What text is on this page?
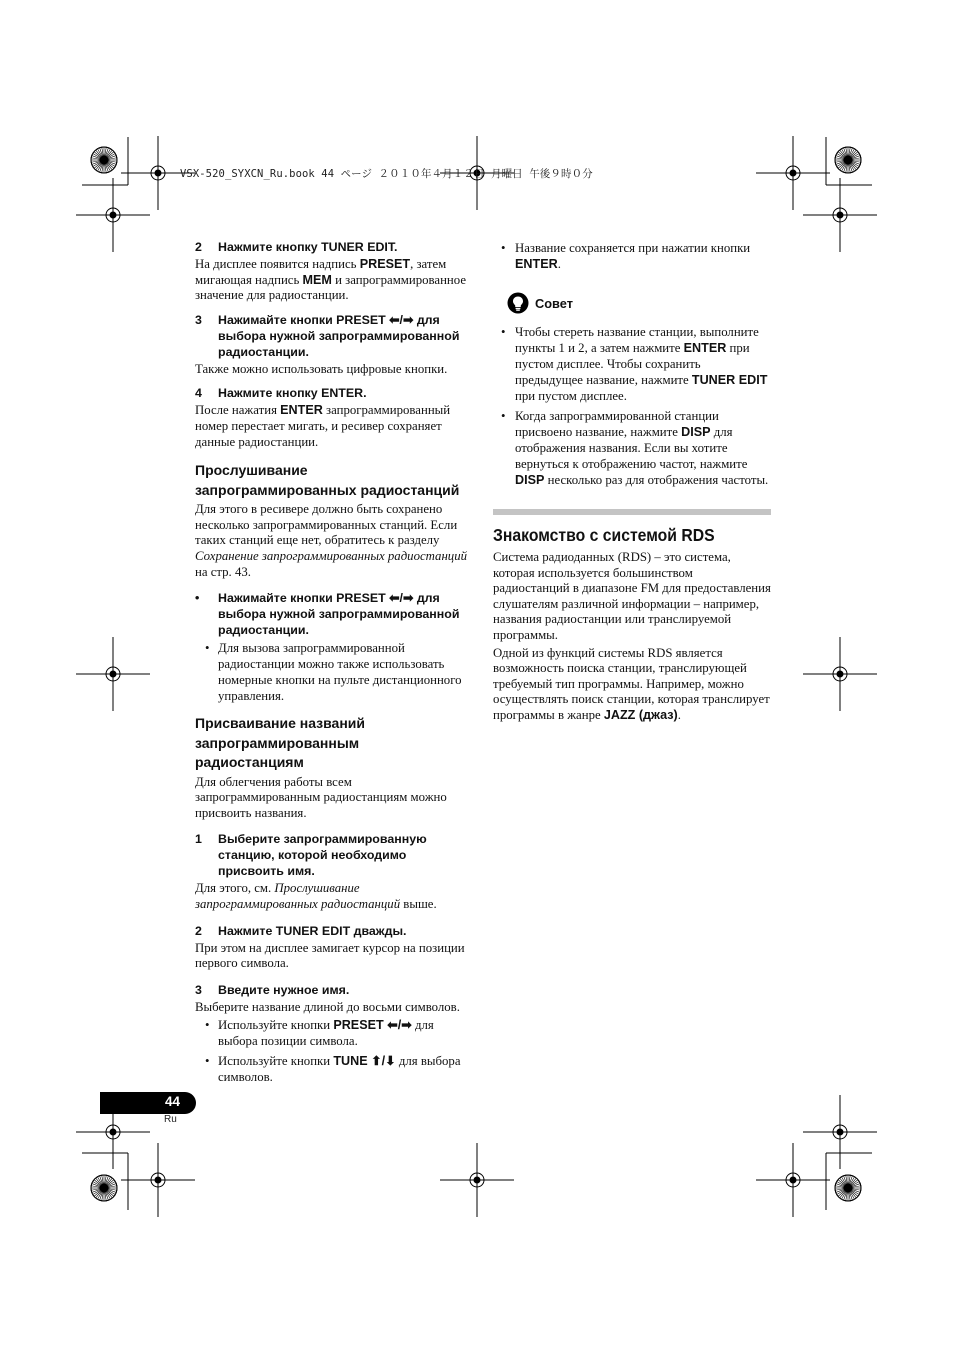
VSX-520_SYXCN_Ru.book 44 ページ ２０１０年４月１２日 月曜日 午後９時０分
2 Нажмите кнопку TUNER EDIT.

На дисплее появится надпись PRESET, затем мигающая надпись MEM и запрограммированное значение для радиостанции.

3	Нажимайте кнопки PRESET ⬅/➡ для выбора нужной запрограммированной радиостанции.

Также можно использовать цифровые кнопки.

4 Нажмите кнопку ENTER.

После нажатия ENTER запрограммированный номер перестает мигать, и ресивер сохраняет данные радиостанции.

Прослушивание запрограммированных радиостанций

Для этого в ресивере должно быть сохранено несколько запрограммированных станций. Если таких станций еще нет, обратитесь к разделу Сохранение запрограммированных радиостанций на стр. 43.

•	Нажимайте кнопки PRESET ⬅/➡ для выбора нужной запрограммированной радиостанции.
• Для вызова запрограммированной радиостанции можно также использовать номерные кнопки на пульте дистанционного управления.
Присваивание названий запрограммированным радиостанциям

Для облегчения работы всем запрограммированным радиостанциям можно присвоить названия.

1	Выберите запрограммированную станцию, которой необходимо присвоить имя.

Для этого, см. Прослушивание запрограммированных радиостанций выше.

2 Нажмите TUNER EDIT дважды.

При этом на дисплее замигает курсор на позиции первого символа.

3 Введите нужное имя.

Выберите название длиной до восьми символов.

• Используйте кнопки PRESET ⬅/➡ для выбора позиции символа.
• Используйте кнопки TUNE ⬆/⬇ для выбора символов.
• Название сохраняется при нажатии кнопки ENTER.
Совет
• Чтобы стереть название станции, выполните пункты 1 и 2, а затем нажмите ENTER при пустом дисплее. Чтобы сохранить предыдущее название, нажмите TUNER EDIT при пустом дисплее.
• Когда запрограммированной станции присвоено название, нажмите DISP для отображения названия. Если вы хотите вернуться к отображению частот, нажмите DISP несколько раз для отображения частоты.
Знакомство с системой RDS

Система радиоданных (RDS) – это система, которая используется большинством радиостанций в диапазоне FM для предоставления слушателям различной информации – например, названия радиостанции или транслируемой программы.

Одной из функций системы RDS является возможность поиска станции, транслирующей требуемый тип программы. Например, можно осуществлять поиск станции, которая транслирует программы в жанре JAZZ (джаз).

44
Ru
